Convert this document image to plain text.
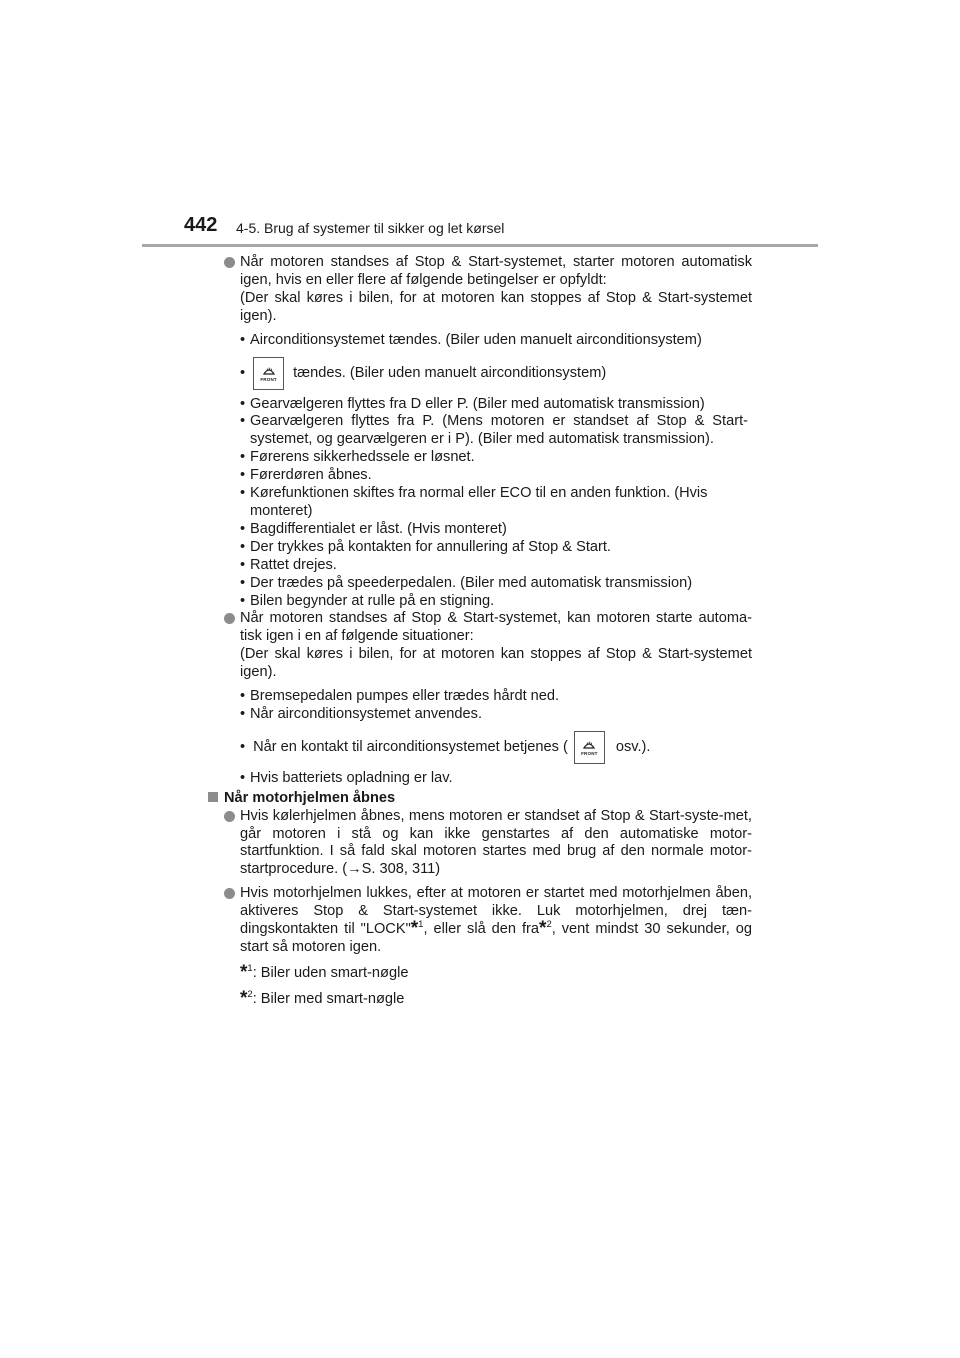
442 4-5. Brug af systemer til sikker og let kørsel
Når motoren standses af Stop & Start-systemet, starter motoren automatisk igen, hvis en eller flere af følgende betingelser er opfyldt:
(Der skal køres i bilen, for at motoren kan stoppes af Stop & Start-systemet igen).
• Airconditionsystemet tændes. (Biler uden manuelt airconditionsystem)
•	FRONT tændes. (Biler uden manuelt airconditionsystem)
• Gearvælgeren flyttes fra D eller P. (Biler med automatisk transmission)
• Gearvælgeren flyttes fra P. (Mens motoren er standset af Stop & Start-systemet, og gearvælgeren er i P). (Biler med automatisk transmission).
• Førerens sikkerhedssele er løsnet.
• Førerdøren åbnes.
• Kørefunktionen skiftes fra normal eller ECO til en anden funktion. (Hvis monteret)
• Bagdifferentialet er låst. (Hvis monteret)
• Der trykkes på kontakten for annullering af Stop & Start.
• Rattet drejes.
• Der trædes på speederpedalen. (Biler med automatisk transmission)
• Bilen begynder at rulle på en stigning.
Når motoren standses af Stop & Start-systemet, kan motoren starte automa-tisk igen i en af følgende situationer:
(Der skal køres i bilen, for at motoren kan stoppes af Stop & Start-systemet igen).
• Bremsepedalen pumpes eller trædes hårdt ned.
• Når airconditionsystemet anvendes.
• Når en kontakt til airconditionsystemet betjenes (	FRONT osv.).
• Hvis batteriets opladning er lav.
Når motorhjelmen åbnes
Hvis kølerhjelmen åbnes, mens motoren er standset af Stop & Start-syste-met, går motoren i stå og kan ikke genstartes af den automatiske motor-startfunktion. I så fald skal motoren startes med brug af den normale motor-startprocedure. (→S. 308, 311)
Hvis motorhjelmen lukkes, efter at motoren er startet med motorhjelmen åben, aktiveres Stop & Start-systemet ikke. Luk motorhjelmen, drej tæn-dingskontakten til "LOCK"*$^1$, eller slå den fra*$^2$, vent mindst 30 sekunder, og start så motoren igen.
*$^1$: Biler uden smart-nøgle
*$^2$: Biler med smart-nøgle
